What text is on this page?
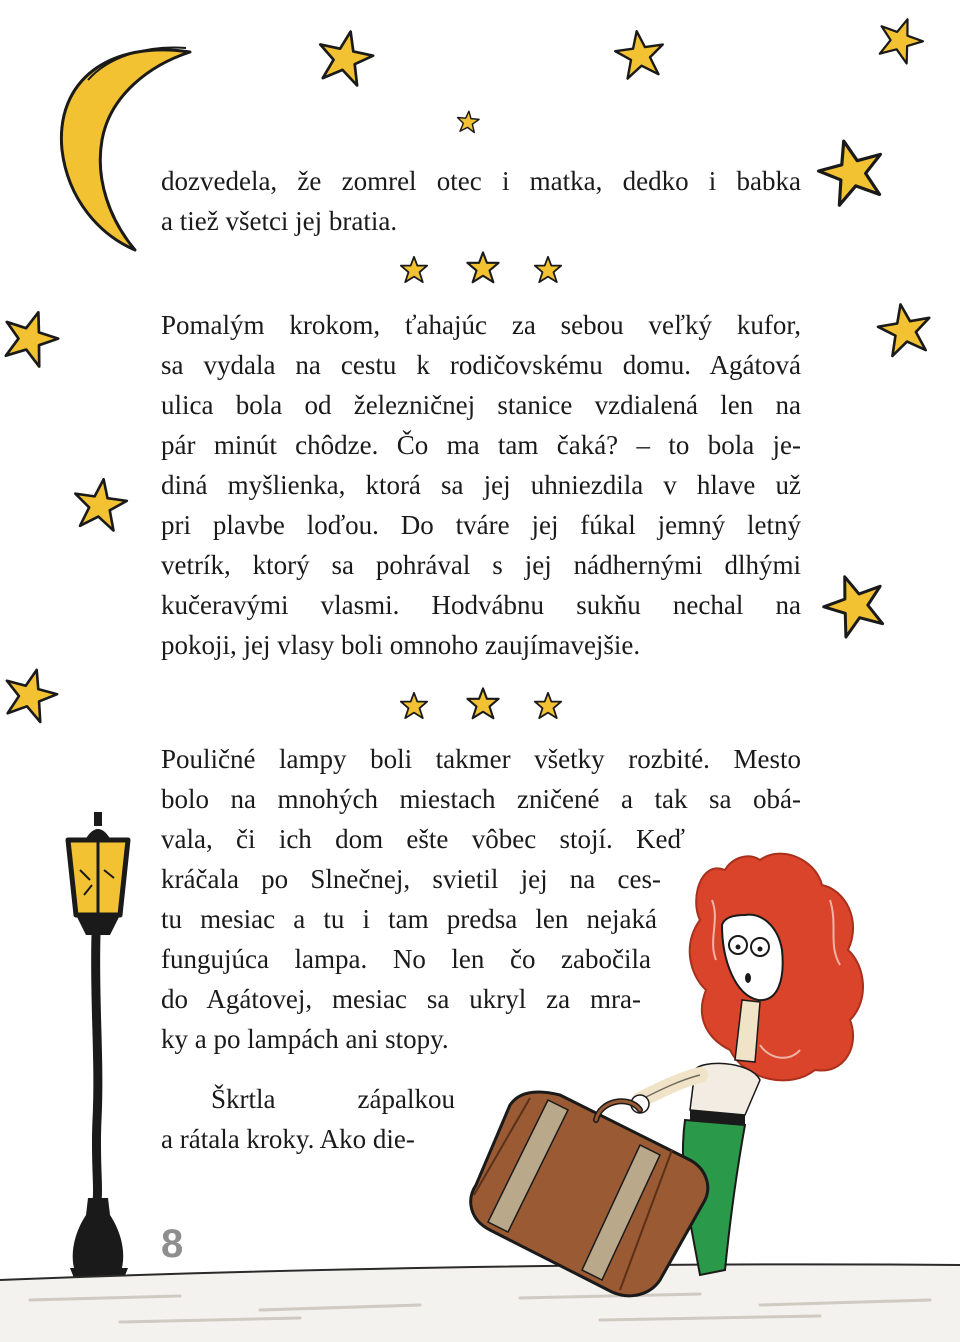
dozvedela, že zomrel otec i matka, dedko i babka
a tiež všetci jej bratia.
Pomalým krokom, ťahajúc za sebou veľký kufor,
sa vydala na cestu k rodičovskému domu. Agátová
ulica bola od železničnej stanice vzdialená len na
pár minút chôdze. Čo ma tam čaká? – to bola je-
diná myšlienka, ktorá sa jej uhniezdila v hlave už
pri plavbe loďou. Do tváre jej fúkal jemný letný
vetrík, ktorý sa pohrával s jej nádhernými dlhými
kučeravými vlasmi. Hodvábnu sukňu nechal na
pokoji, jej vlasy boli omnoho zaujímavejšie.
Pouličné lampy boli takmer všetky rozbité. Mesto
bolo na mnohých miestach zničené a tak sa obá-
vala, či ich dom ešte vôbec stojí. Keď
kráčala po Slnečnej, svietil jej na ces-
tu mesiac a tu i tam predsa len nejaká
fungujúca lampa. No len čo zabočila
do Agátovej, mesiac sa ukryl za mra-
ky a po lampách ani stopy.
Škrtla zápalkou
a rátala kroky. Ako die-
8
